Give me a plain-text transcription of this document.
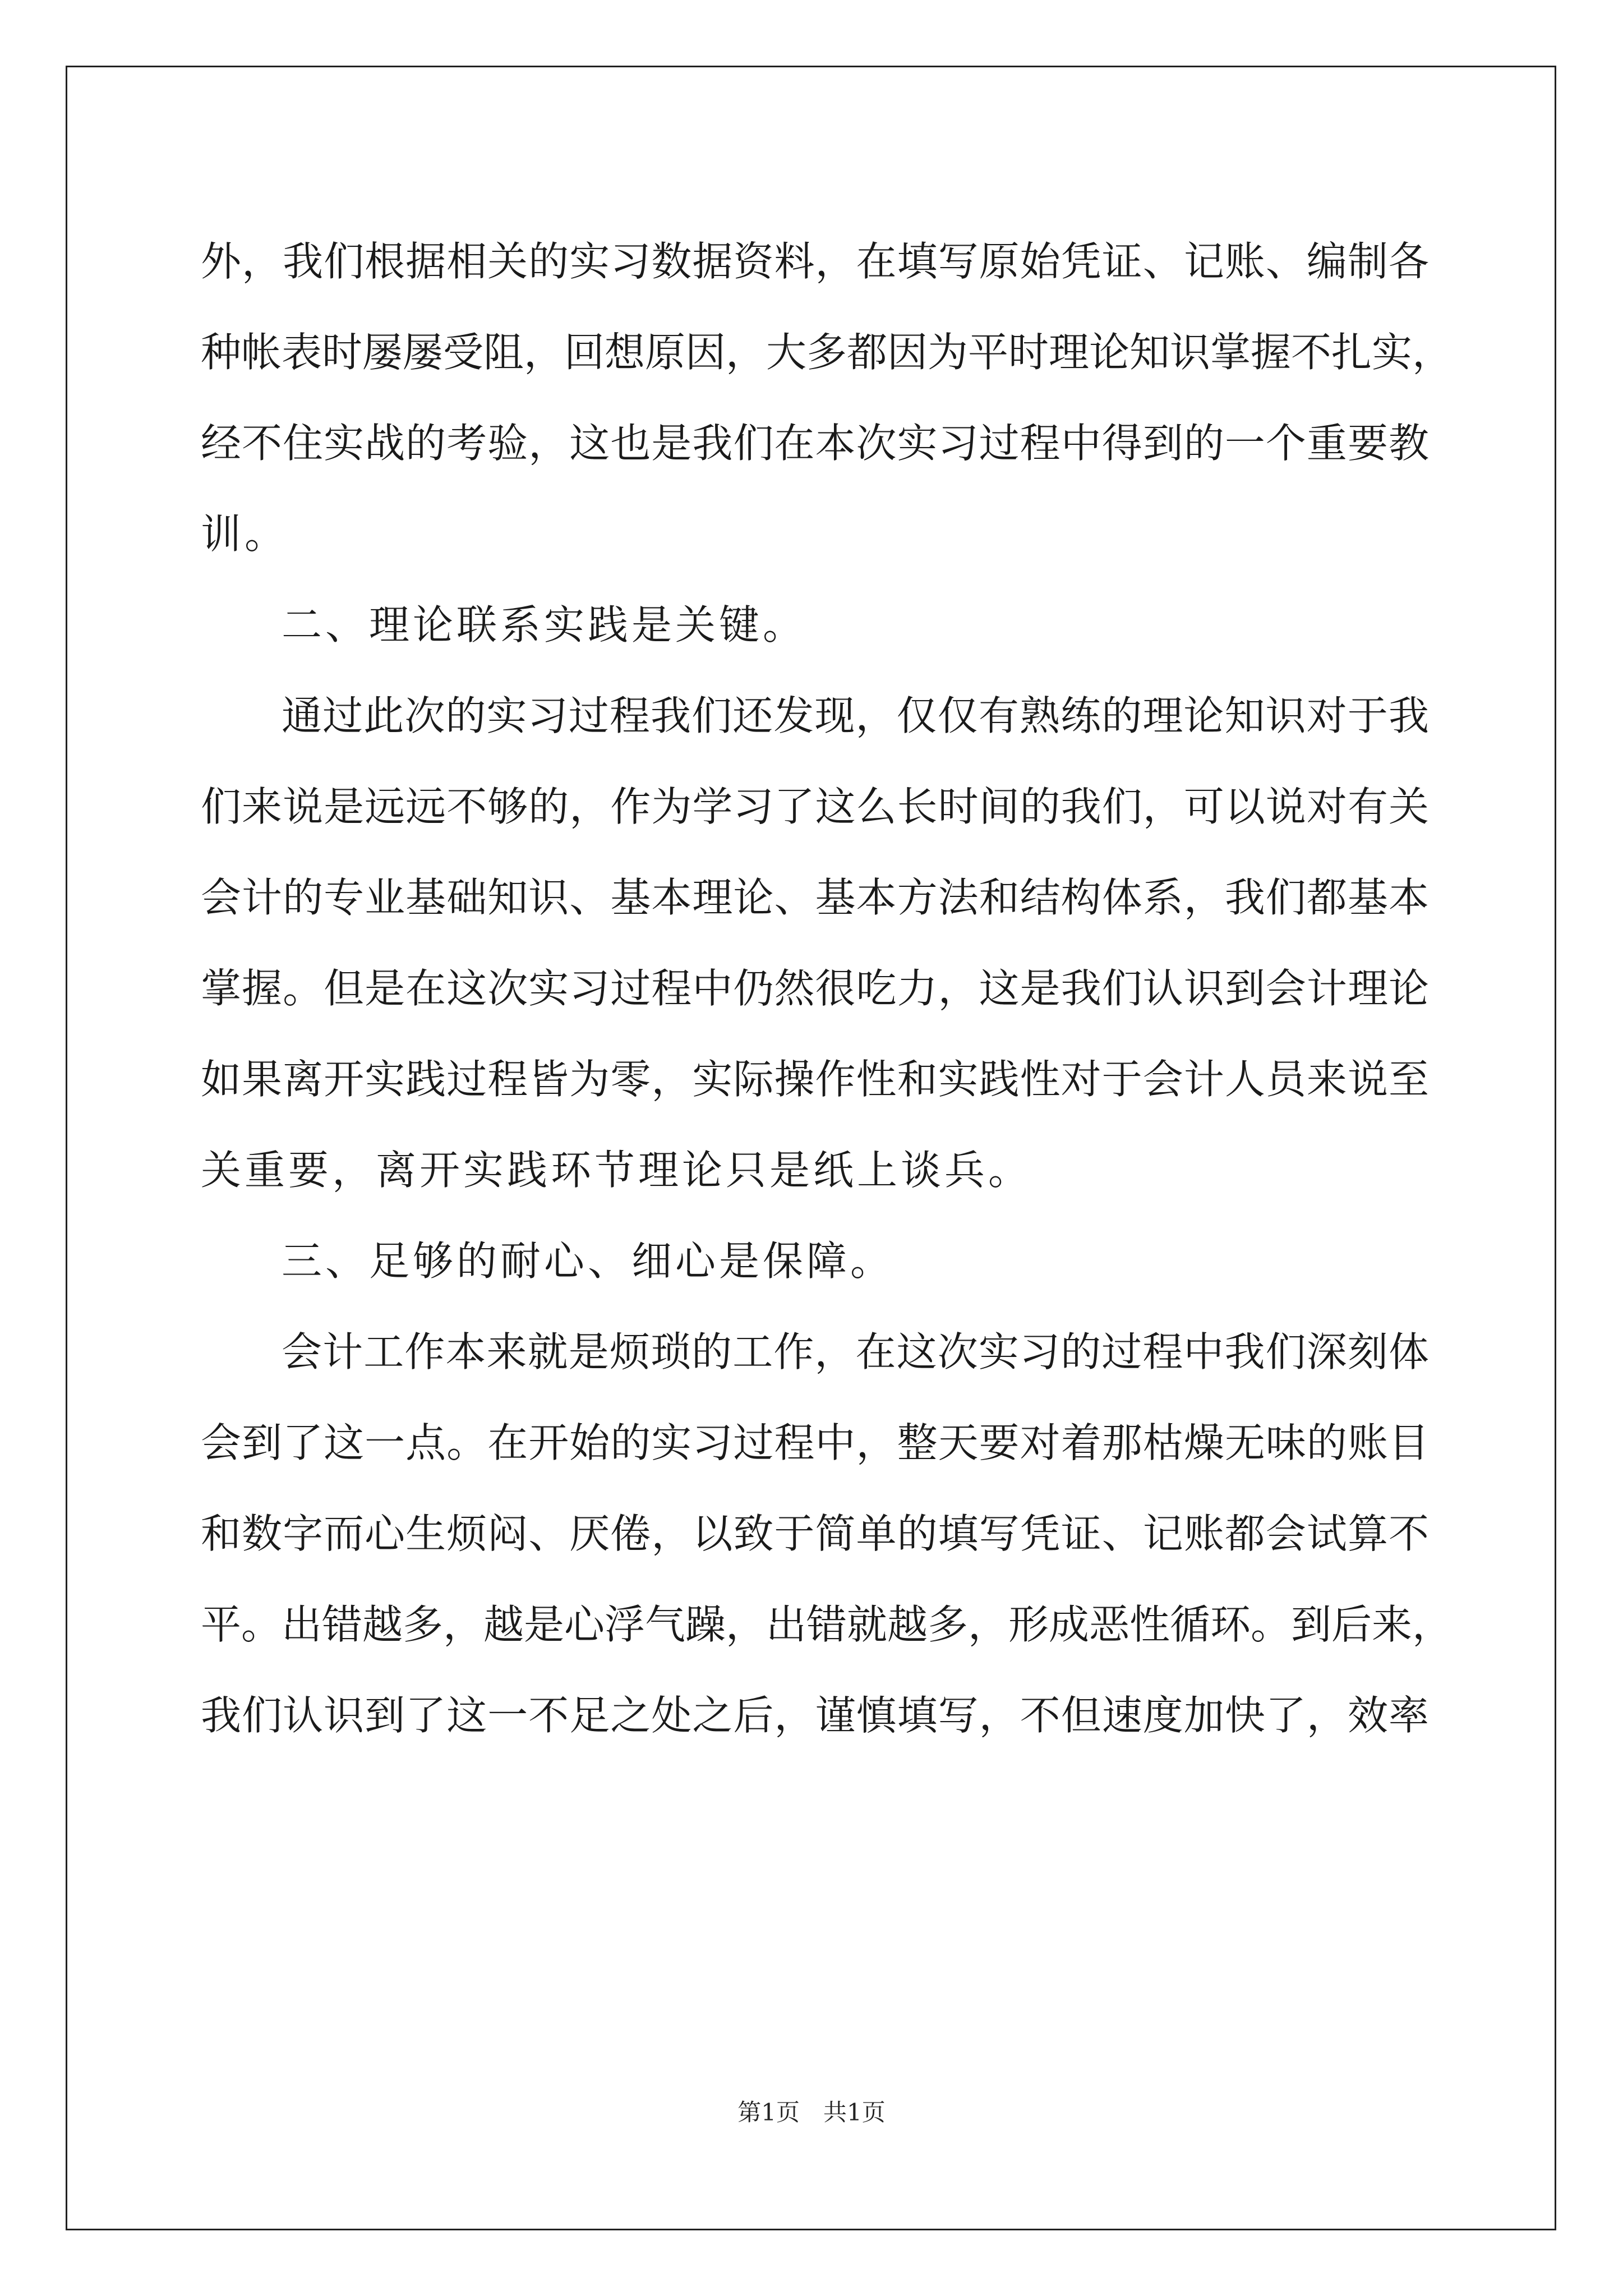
外，我们根据相关的实习数据资料，在填写原始凭证、记账、编制各
种帐表时屡屡受阻，回想原因，大多都因为平时理论知识掌握不扎实，
经不住实战的考验，这也是我们在本次实习过程中得到的一个重要教
训。
二、理论联系实践是关键。
通过此次的实习过程我们还发现，仅仅有熟练的理论知识对于我
们来说是远远不够的，作为学习了这么长时间的我们，可以说对有关
会计的专业基础知识、基本理论、基本方法和结构体系，我们都基本
掌握。但是在这次实习过程中仍然很吃力，这是我们认识到会计理论
如果离开实践过程皆为零，实际操作性和实践性对于会计人员来说至
关重要，离开实践环节理论只是纸上谈兵。
三、足够的耐心、细心是保障。
会计工作本来就是烦琐的工作，在这次实习的过程中我们深刻体
会到了这一点。在开始的实习过程中，整天要对着那枯燥无味的账目
和数字而心生烦闷、厌倦，以致于简单的填写凭证、记账都会试算不
平。出错越多，越是心浮气躁，出错就越多，形成恶性循环。到后来，
我们认识到了这一不足之处之后，谨慎填写，不但速度加快了，效率
第1页　共1页
